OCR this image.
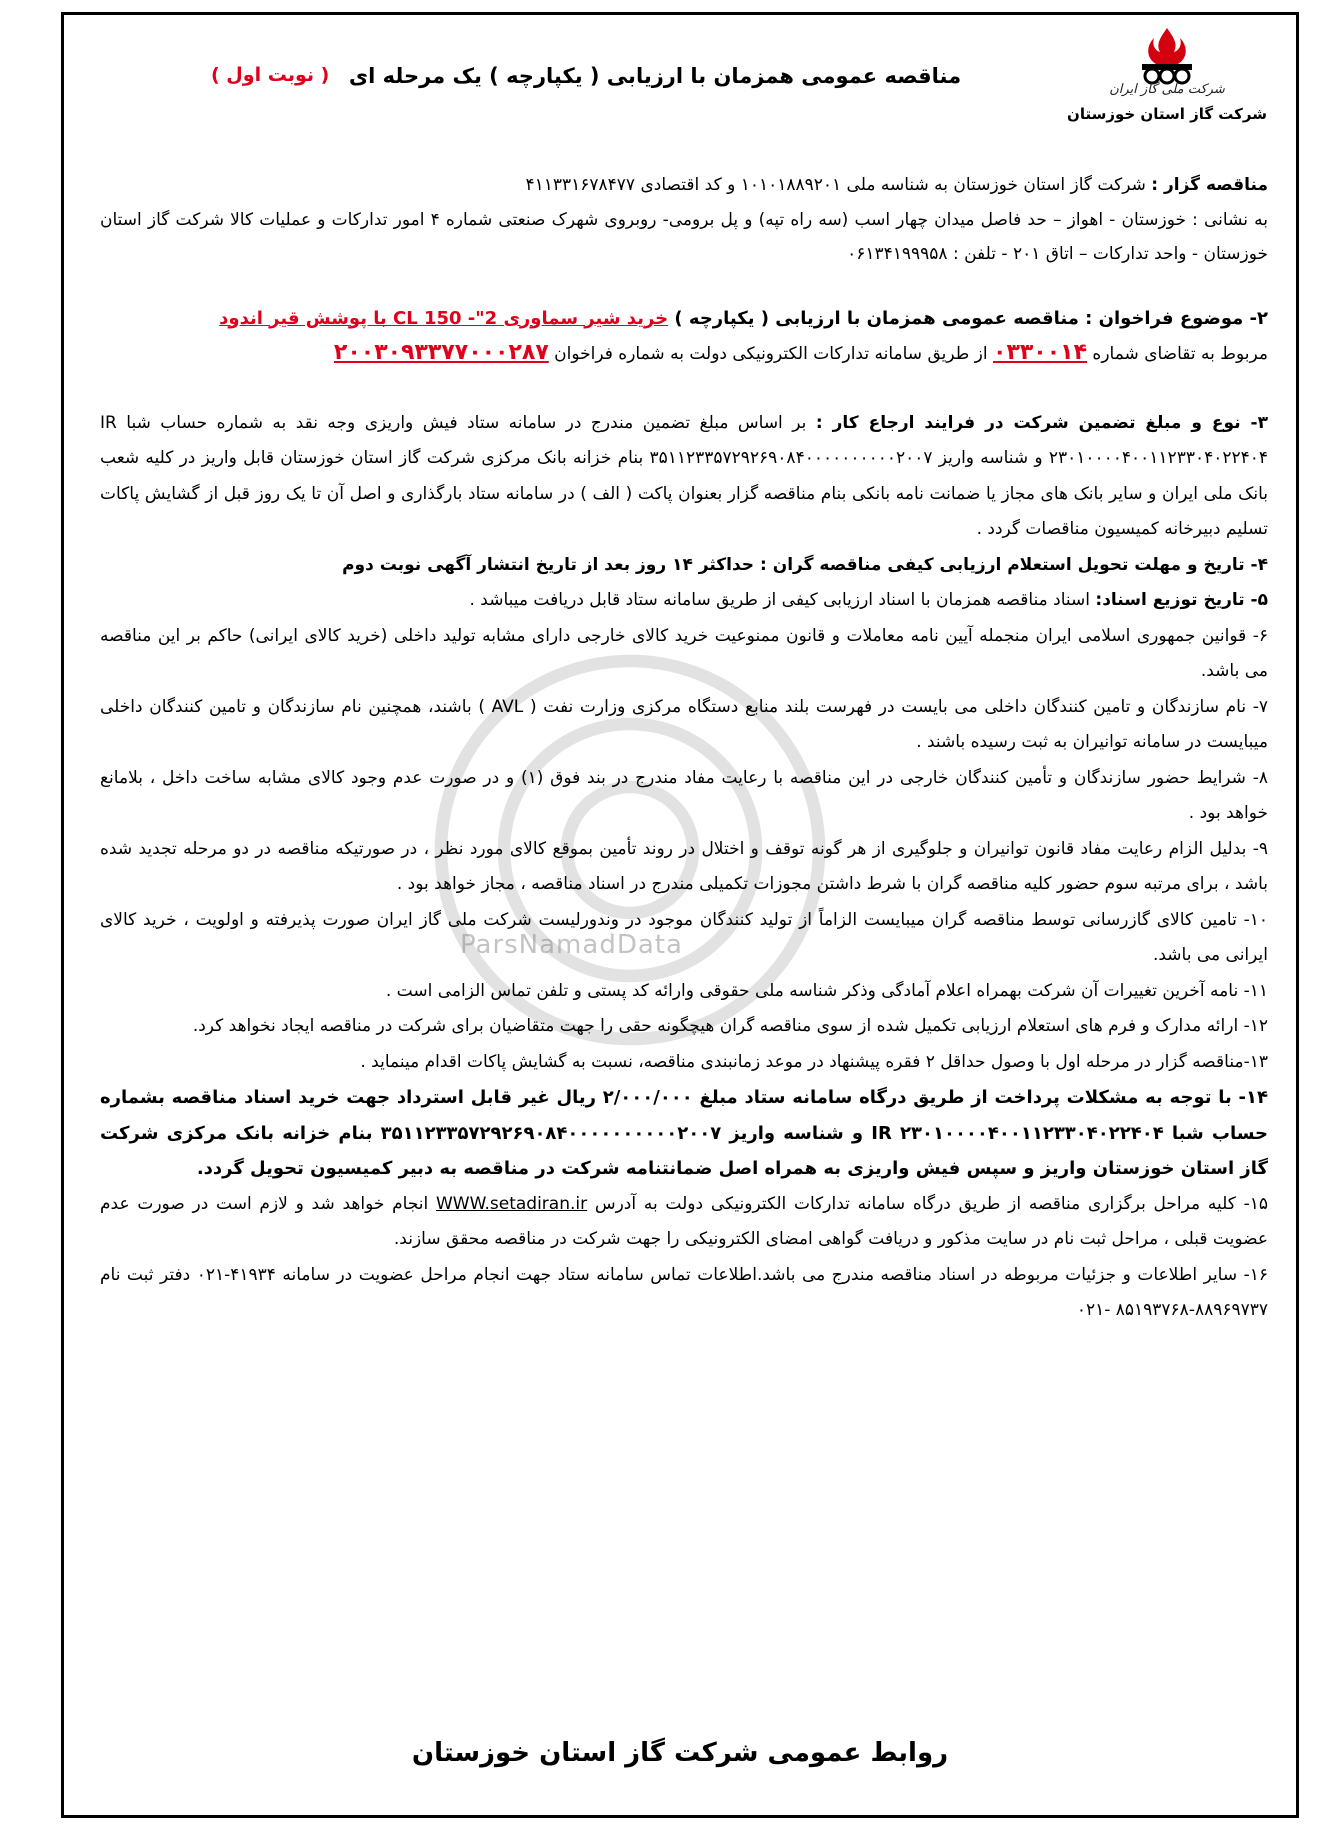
ParsNamadData
شرکت ملی گاز ایران
شرکت گاز استان خوزستان
مناقصه عمومی همزمان با ارزیابی ( یکپارچه ) یک مرحله ای
( نوبت اول )

مناقصه گزار : شرکت گاز استان خوزستان به شناسه ملی ۱۰۱۰۱۸۸۹۲۰۱ و کد اقتصادی ۴۱۱۳۳۱۶۷۸۴۷۷

به نشانی : خوزستان - اهواز – حد فاصل میدان چهار اسب (سه راه تپه) و پل برومی- روبروی شهرک صنعتی شماره ۴ امور تدارکات و عملیات کالا شرکت گاز استان خوزستان - واحد تدارکات – اتاق ۲۰۱ - تلفن : ۰۶۱۳۴۱۹۹۹۵۸

۲- موضوع فراخوان : مناقصه عمومی همزمان با ارزیابی ( یکپارچه ) خرید شیر سماوری CL 150 -"2 با پوشش قیر اندود

مربوط به تقاضای شماره ۰۳۳۰۰۱۴ از طریق سامانه تدارکات الکترونیکی دولت به شماره فراخوان ۲۰۰۳۰۹۳۳۷۷۰۰۰۲۸۷

۳- نوع و مبلغ تضمین شرکت در فرایند ارجاع کار : بر اساس مبلغ تضمین مندرج در سامانه ستاد فیش واریزی وجه نقد به شماره حساب شبا IR ۲۳۰۱۰۰۰۰۴۰۰۱۱۲۳۳۰۴۰۲۲۴۰۴ و شناسه واریز ۳۵۱۱۲۳۳۵۷۲۹۲۶۹۰۸۴۰۰۰۰۰۰۰۰۰۰۲۰۰۷ بنام خزانه بانک مرکزی شرکت گاز استان خوزستان قابل واریز در کلیه شعب بانک ملی ایران و سایر بانک های مجاز یا ضمانت نامه بانکی بنام مناقصه گزار بعنوان پاکت ( الف ) در سامانه ستاد بارگذاری و اصل آن تا یک روز قبل از گشایش پاکات تسلیم دبیرخانه کمیسیون مناقصات گردد .

۴- تاریخ و مهلت تحویل استعلام ارزیابی کیفی مناقصه گران : حداکثر ۱۴ روز بعد از تاریخ انتشار آگهی نوبت دوم

۵- تاریخ توزیع اسناد: اسناد مناقصه همزمان با اسناد ارزیابی کیفی از طریق سامانه ستاد قابل دریافت میباشد .

۶- قوانین جمهوری اسلامی ایران منجمله آیین نامه معاملات و قانون ممنوعیت خرید کالای خارجی دارای مشابه تولید داخلی (خرید کالای ایرانی) حاکم بر این مناقصه می باشد.

۷- نام سازندگان و تامین کنندگان داخلی می بایست در فهرست بلند منابع دستگاه مرکزی وزارت نفت ( AVL ) باشند، همچنین نام سازندگان و تامین کنندگان داخلی میبایست در سامانه توانیران به ثبت رسیده باشند .

۸- شرایط حضور سازندگان و تأمین کنندگان خارجی در این مناقصه با رعایت مفاد مندرج در بند فوق (۱) و در صورت عدم وجود کالای مشابه ساخت داخل ، بلامانع خواهد بود .

۹- بدلیل الزام رعایت مفاد قانون توانیران و جلوگیری از هر گونه توقف و اختلال در روند تأمین بموقع کالای مورد نظر ، در صورتیکه مناقصه در دو مرحله تجدید شده باشد ، برای مرتبه سوم حضور کلیه مناقصه گران با شرط داشتن مجوزات تکمیلی مندرج در اسناد مناقصه ، مجاز خواهد بود .

۱۰- تامین کالای گازرسانی توسط مناقصه گران میبایست الزاماً از تولید کنندگان موجود در وندورلیست شرکت ملی گاز ایران صورت پذیرفته و اولویت ، خرید کالای ایرانی می باشد.

۱۱- نامه آخرین تغییرات آن شرکت بهمراه اعلام آمادگی وذکر شناسه ملی حقوقی وارائه کد پستی و تلفن تماس الزامی است .

۱۲- ارائه مدارک و فرم های استعلام ارزیابی تکمیل شده از سوی مناقصه گران هیچگونه حقی را جهت متقاضیان برای شرکت در مناقصه ایجاد نخواهد کرد.

۱۳-مناقصه گزار در مرحله اول با وصول حداقل ۲ فقره پیشنهاد در موعد زمانبندی مناقصه، نسبت به گشایش پاکات اقدام مینماید .

۱۴- با توجه به مشکلات پرداخت از طریق درگاه سامانه ستاد مبلغ ۲/۰۰۰/۰۰۰ ریال غیر قابل استرداد جهت خرید اسناد مناقصه بشماره حساب شبا IR ۲۳۰۱۰۰۰۰۴۰۰۱۱۲۳۳۰۴۰۲۲۴۰۴ و شناسه واریز ۳۵۱۱۲۳۳۵۷۲۹۲۶۹۰۸۴۰۰۰۰۰۰۰۰۰۰۲۰۰۷ بنام خزانه بانک مرکزی شرکت گاز استان خوزستان واریز و سپس فیش واریزی به همراه اصل ضمانتنامه شرکت در مناقصه به دبیر کمیسیون تحویل گردد.

۱۵- کلیه مراحل برگزاری مناقصه از طریق درگاه سامانه تدارکات الکترونیکی دولت به آدرس WWW.setadiran.ir انجام خواهد شد و لازم است در صورت عدم عضویت قبلی ، مراحل ثبت نام در سایت مذکور و دریافت گواهی امضای الکترونیکی را جهت شرکت در مناقصه محقق سازند.

۱۶- سایر اطلاعات و جزئیات مربوطه در اسناد مناقصه مندرج می باشد.اطلاعات تماس سامانه ستاد جهت انجام مراحل عضویت در سامانه ۴۱۹۳۴-۰۲۱ دفتر ثبت نام ۸۸۹۶۹۷۳۷-۸۵۱۹۳۷۶۸ -۰۲۱

روابط عمومی شرکت گاز استان خوزستان
